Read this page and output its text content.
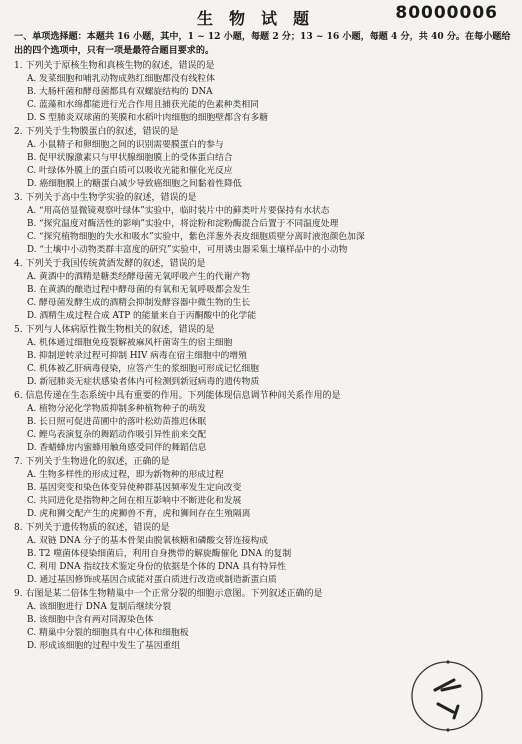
80000006
生物试题
一、单项选择题：本题共 16 小题，其中，1 ~ 12 小题，每题 2 分；13 ~ 16 小题，每题 4 分，共 40 分。在每小题给出的四个选项中，只有一项是最符合题目要求的。
1. 下列关于原核生物和真核生物的叙述，错误的是
A. 发菜细胞和哺乳动物成熟红细胞都没有线粒体
B. 大肠杆菌和酵母菌都具有双螺旋结构的 DNA
C. 蓝藻和水绵都能进行光合作用且捕获光能的色素种类相同
D. S 型肺炎双球菌的荚膜和水稻叶肉细胞的细胞壁都含有多糖
2. 下列关于生物膜蛋白的叙述，错误的是
A. 小鼠精子和卵细胞之间的识别需要膜蛋白的参与
B. 促甲状腺激素只与甲状腺细胞膜上的受体蛋白结合
C. 叶绿体外膜上的蛋白质可以吸收光能和催化光反应
D. 癌细胞膜上的糖蛋白减少导致癌细胞之间黏着性降低
3. 下列关于高中生物学实验的叙述，错误的是
A. “用高倍显微镜观察叶绿体”实验中，临时装片中的藓类叶片要保持有水状态
B. “探究温度对酶活性的影响”实验中，将淀粉和淀粉酶混合后置于不同温度处理
C. “探究植物细胞的失水和吸水”实验中，紫色洋葱外表皮细胞质壁分离时液泡颜色加深
D. “土壤中小动物类群丰富度的研究”实验中，可用诱虫器采集土壤样品中的小动物
4. 下列关于我国传统黄酒发酵的叙述，错误的是
A. 黄酒中的酒精是糖类经酵母菌无氧呼吸产生的代谢产物
B. 在黄酒的酿造过程中酵母菌的有氧和无氧呼吸都会发生
C. 酵母菌发酵生成的酒精会抑制发酵容器中微生物的生长
D. 酒精生成过程合成 ATP 的能量来自于丙酮酸中的化学能
5. 下列与人体病原性微生物相关的叙述，错误的是
A. 机体通过细胞免疫裂解被麻风杆菌寄生的宿主细胞
B. 抑制逆转录过程可抑制 HIV 病毒在宿主细胞中的增殖
C. 机体被乙肝病毒侵染，应答产生的浆细胞可形成记忆细胞
D. 新冠肺炎无症状感染者体内可检测到新冠病毒的遗传物质
6. 信息传递在生态系统中具有重要的作用。下列能体现信息调节种间关系作用的是
A. 植物分泌化学物质抑制多种植物种子的萌发
B. 长日照可促进苗圃中的落叶松幼苗推迟休眠
C. 鲣鸟表演复杂的舞蹈动作吸引异性前来交配
D. 香蜡蜂房内蜜蜂用触角感受同伴的舞蹈信息
7. 下列关于生物进化的叙述，正确的是
A. 生物多样性的形成过程，即为新物种的形成过程
B. 基因突变和染色体变异使种群基因频率发生定向改变
C. 共同进化是指物种之间在相互影响中不断进化和发展
D. 虎和狮交配产生的虎狮兽不育，虎和狮间存在生殖隔离
8. 下列关于遗传物质的叙述，错误的是
A. 双链 DNA 分子的基本骨架由脱氧核糖和磷酸交替连接构成
B. T2 噬菌体侵染细菌后，利用自身携带的解旋酶催化 DNA 的复制
C. 利用 DNA 指纹技术鉴定身份的依据是个体的 DNA 具有特异性
D. 通过基因修饰或基因合成能对蛋白质进行改造或制造新蛋白质
9. 右图是某二倍体生物精巢中一个正常分裂的细胞示意图。下列叙述正确的是
A. 该细胞进行 DNA 复制后继续分裂
B. 该细胞中含有两对同源染色体
C. 精巢中分裂的细胞具有中心体和细胞板
D. 形成该细胞的过程中发生了基因重组
